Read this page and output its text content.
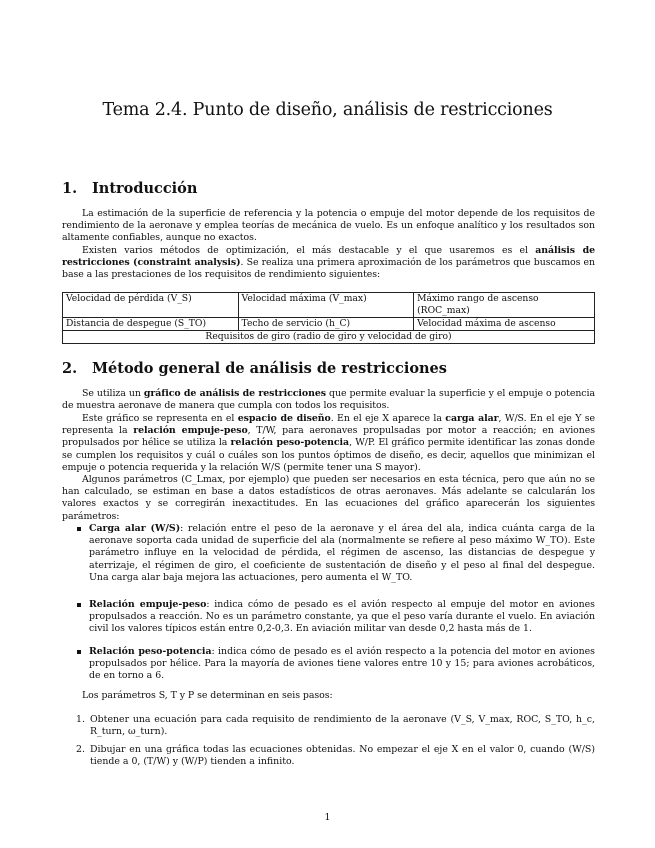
Tema 2.4. Punto de diseño, análisis de restricciones
1. Introducción
La estimación de la superficie de referencia y la potencia o empuje del motor depende de los requisitos de rendimiento de la aeronave y emplea teorías de mecánica de vuelo. Es un enfoque analítico y los resultados son altamente confiables, aunque no exactos.
Existen varios métodos de optimización, el más destacable y el que usaremos es el análisis de restricciones (constraint analysis). Se realiza una primera aproximación de los parámetros que buscamos en base a las prestaciones de los requisitos de rendimiento siguientes:
Velocidad de pérdida (V_S)	Velocidad máxima (V_max)	Máximo rango de ascenso (ROC_max)
Distancia de despegue (S_TO)	Techo de servicio (h_C)	Velocidad máxima de ascenso
Requisitos de giro (radio de giro y velocidad de giro)		
2. Método general de análisis de restricciones
Se utiliza un gráfico de análisis de restricciones que permite evaluar la superficie y el empuje o potencia de muestra aeronave de manera que cumpla con todos los requisitos.
Este gráfico se representa en el espacio de diseño. En el eje X aparece la carga alar, W/S. En el eje Y se representa la relación empuje-peso, T/W, para aeronaves propulsadas por motor a reacción; en aviones propulsados por hélice se utiliza la relación peso-potencia, W/P. El gráfico permite identificar las zonas donde se cumplen los requisitos y cuál o cuáles son los puntos óptimos de diseño, es decir, aquellos que minimizan el empuje o potencia requerida y la relación W/S (permite tener una S mayor).
Algunos parámetros (C_Lmax, por ejemplo) que pueden ser necesarios en esta técnica, pero que aún no se han calculado, se estiman en base a datos estadísticos de otras aeronaves. Más adelante se calcularán los valores exactos y se corregirán inexactitudes. En las ecuaciones del gráfico aparecerán los siguientes parámetros:
Carga alar (W/S): relación entre el peso de la aeronave y el área del ala, indica cuánta carga de la aeronave soporta cada unidad de superficie del ala (normalmente se refiere al peso máximo W_TO). Este parámetro influye en la velocidad de pérdida, el régimen de ascenso, las distancias de despegue y aterrizaje, el régimen de giro, el coeficiente de sustentación de diseño y el peso al final del despegue. Una carga alar baja mejora las actuaciones, pero aumenta el W_TO.
Relación empuje-peso: indica cómo de pesado es el avión respecto al empuje del motor en aviones propulsados a reacción. No es un parámetro constante, ya que el peso varía durante el vuelo. En aviación civil los valores típicos están entre 0,2-0,3. En aviación militar van desde 0,2 hasta más de 1.
Relación peso-potencia: indica cómo de pesado es el avión respecto a la potencia del motor en aviones propulsados por hélice. Para la mayoría de aviones tiene valores entre 10 y 15; para aviones acrobáticos, de en torno a 6.
Los parámetros S, T y P se determinan en seis pasos:
1. Obtener una ecuación para cada requisito de rendimiento de la aeronave (V_S, V_max, ROC, S_TO, h_c, R_turn, ω_turn).
2. Dibujar en una gráfica todas las ecuaciones obtenidas. No empezar el eje X en el valor 0, cuando (W/S) tiende a 0, (T/W) y (W/P) tienden a infinito.
1
